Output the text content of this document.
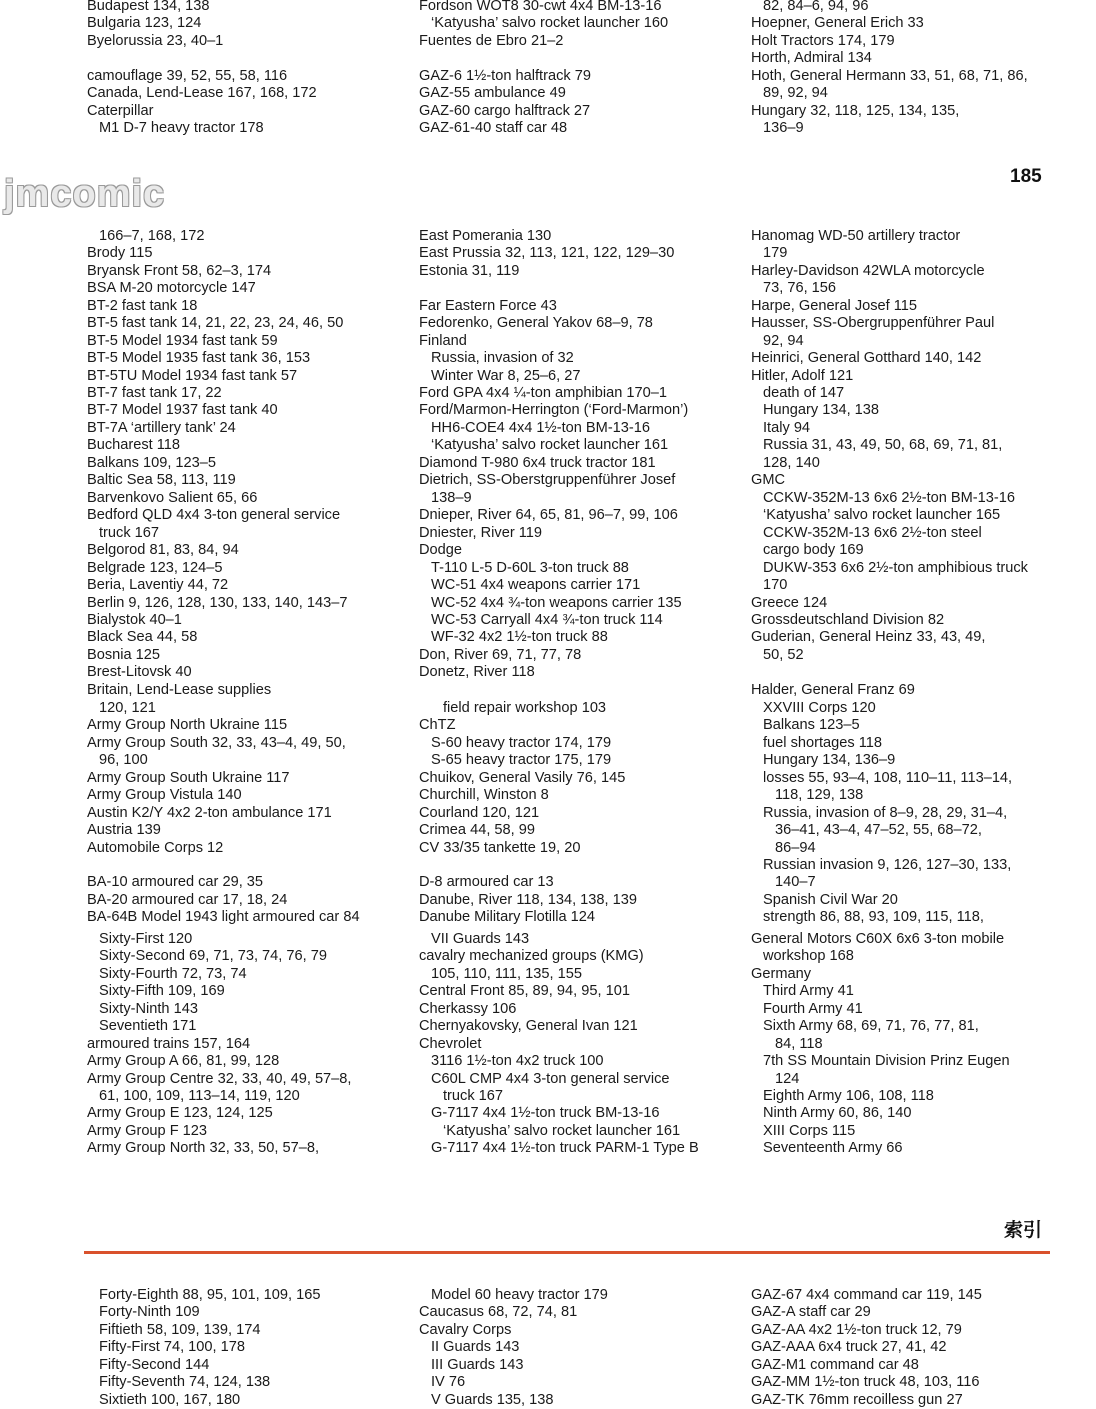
jmcomic	185
Budapest 134, 138
Bulgaria 123, 124
Byelorussia 23, 40–1
camouflage 39, 52, 55, 58, 116
Canada, Lend-Lease 167, 168, 172
Caterpillar
M1 D-7 heavy tractor 178
Fordson WOT8 30-cwt 4x4 BM-13-16
‘Katyusha’ salvo rocket launcher 160
Fuentes de Ebro 21–2
GAZ-6 1½-ton halftrack 79
GAZ-55 ambulance 49
GAZ-60 cargo halftrack 27
GAZ-61-40 staff car 48
82, 84–6, 94, 96
Hoepner, General Erich 33
Holt Tractors 174, 179
Horth, Admiral 134
Hoth, General Hermann 33, 51, 68, 71, 86,
89, 92, 94
Hungary 32, 118, 125, 134, 135,
136–9
166–7, 168, 172
Brody 115
Bryansk Front 58, 62–3, 174
BSA M-20 motorcycle 147
BT-2 fast tank 18
BT-5 fast tank 14, 21, 22, 23, 24, 46, 50
BT-5 Model 1934 fast tank 59
BT-5 Model 1935 fast tank 36, 153
BT-5TU Model 1934 fast tank 57
BT-7 fast tank 17, 22
BT-7 Model 1937 fast tank 40
BT-7A ‘artillery tank’ 24
Bucharest 118
East Pomerania 130
East Prussia 32, 113, 121, 122, 129–30
Estonia 31, 119
Far Eastern Force 43
Fedorenko, General Yakov 68–9, 78
Finland
Russia, invasion of 32
Winter War 8, 25–6, 27
Ford GPA 4x4 ¼-ton amphibian 170–1
Ford/Marmon-Herrington (‘Ford-Marmon’)
HH6-COE4 4x4 1½-ton BM-13-16
‘Katyusha’ salvo rocket launcher 161
Hanomag WD-50 artillery tractor
179
Harley-Davidson 42WLA motorcycle
73, 76, 156
Harpe, General Josef 115
Hausser, SS-Obergruppenführer Paul
92, 94
Heinrici, General Gotthard 140, 142
Hitler, Adolf 121
death of 147
Hungary 134, 138
Italy 94
Russia 31, 43, 49, 50, 68, 69, 71, 81,
Balkans 109, 123–5
Baltic Sea 58, 113, 119
Barvenkovo Salient 65, 66
Bedford QLD 4x4 3-ton general service
truck 167
Belgorod 81, 83, 84, 94
Belgrade 123, 124–5
Beria, Laventiy 44, 72
Berlin 9, 126, 128, 130, 133, 140, 143–7
Bialystok 40–1
Black Sea 44, 58
Bosnia 125
Brest-Litovsk 40
Britain, Lend-Lease supplies
Diamond T-980 6x4 truck tractor 181
Dietrich, SS-Oberstgruppenführer Josef
138–9
Dnieper, River 64, 65, 81, 96–7, 99, 106
Dniester, River 119
Dodge
T-110 L-5 D-60L 3-ton truck 88
WC-51 4x4 weapons carrier 171
WC-52 4x4 ¾-ton weapons carrier 135
WC-53 Carryall 4x4 ¾-ton truck 114
WF-32 4x2 1½-ton truck 88
Don, River 69, 71, 77, 78
Donetz, River 118
128, 140
GMC
CCKW-352M-13 6x6 2½-ton BM-13-16
‘Katyusha’ salvo rocket launcher 165
CCKW-352M-13 6x6 2½-ton steel
cargo body 169
DUKW-353 6x6 2½-ton amphibious truck
170
Greece 124
Grossdeutschland Division 82
Guderian, General Heinz 33, 43, 49,
50, 52
Halder, General Franz 69
120, 121
Army Group North Ukraine 115
Army Group South 32, 33, 43–4, 49, 50,
96, 100
Army Group South Ukraine 117
Army Group Vistula 140
Austin K2/Y 4x2 2-ton ambulance 171
Austria 139
Automobile Corps 12
BA-10 armoured car 29, 35
BA-20 armoured car 17, 18, 24
BA-64B Model 1943 light armoured car 84
field repair workshop 103
ChTZ
S-60 heavy tractor 174, 179
S-65 heavy tractor 175, 179
Chuikov, General Vasily 76, 145
Churchill, Winston 8
Courland 120, 121
Crimea 44, 58, 99
CV 33/35 tankette 19, 20
D-8 armoured car 13
Danube, River 118, 134, 138, 139
Danube Military Flotilla 124
XXVIII Corps 120
Balkans 123–5
fuel shortages 118
Hungary 134, 136–9
losses 55, 93–4, 108, 110–11, 113–14,
118, 129, 138
Russia, invasion of 8–9, 28, 29, 31–4,
36–41, 43–4, 47–52, 55, 68–72,
86–94
Russian invasion 9, 126, 127–30, 133,
140–7
Spanish Civil War 20
strength 86, 88, 93, 109, 115, 118,
Sixty-First 120
Sixty-Second 69, 71, 73, 74, 76, 79
Sixty-Fourth 72, 73, 74
Sixty-Fifth 109, 169
Sixty-Ninth 143
Seventieth 171
armoured trains 157, 164
Army Group A 66, 81, 99, 128
Army Group Centre 32, 33, 40, 49, 57–8,
61, 100, 109, 113–14, 119, 120
Army Group E 123, 124, 125
Army Group F 123
Army Group North 32, 33, 50, 57–8,
VII Guards 143
cavalry mechanized groups (KMG)
105, 110, 111, 135, 155
Central Front 85, 89, 94, 95, 101
Cherkassy 106
Chernyakovsky, General Ivan 121
Chevrolet
3116 1½-ton 4x2 truck 100
C60L CMP 4x4 3-ton general service
truck 167
G-7117 4x4 1½-ton truck BM-13-16
‘Katyusha’ salvo rocket launcher 161
G-7117 4x4 1½-ton truck PARM-1 Type B
General Motors C60X 6x6 3-ton mobile
workshop 168
Germany
Third Army 41
Fourth Army 41
Sixth Army 68, 69, 71, 76, 77, 81,
84, 118
7th SS Mountain Division Prinz Eugen
124
Eighth Army 106, 108, 118
Ninth Army 60, 86, 140
XIII Corps 115
Seventeenth Army 66
索引
Forty-Eighth 88, 95, 101, 109, 165
Forty-Ninth 109
Fiftieth 58, 109, 139, 174
Fifty-First 74, 100, 178
Fifty-Second 144
Fifty-Seventh 74, 124, 138
Sixtieth 100, 167, 180
Model 60 heavy tractor 179
Caucasus 68, 72, 74, 81
Cavalry Corps
II Guards 143
III Guards 143
IV 76
V Guards 135, 138
GAZ-67 4x4 command car 119, 145
GAZ-A staff car 29
GAZ-AA 4x2 1½-ton truck 12, 79
GAZ-AAA 6x4 truck 27, 41, 42
GAZ-M1 command car 48
GAZ-MM 1½-ton truck 48, 103, 116
GAZ-TK 76mm recoilless gun 27
